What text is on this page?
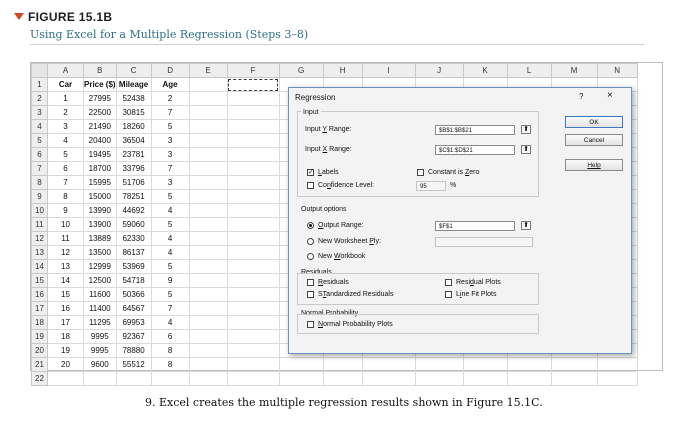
FIGURE 15.1B
Using Excel for a Multiple Regression (Steps 3–8)
	A	B	C	D	E	F	G	H	I	J	K	L	M	N
1	Car	Price ($)	Mileage	Age										
2	1	27995	52438	2										
3	2	22500	30815	7										
4	3	21490	18260	5										
5	4	20400	36504	3										
6	5	19495	23781	3										
7	6	18700	33796	7										
8	7	15995	51706	3										
9	8	15000	78251	5										
10	9	13990	44692	4										
11	10	13900	59060	5										
12	11	13889	62330	4										
13	12	13500	86137	4										
14	13	12999	53969	5										
15	14	12500	54718	9										
16	15	11600	50366	5										
17	16	11400	64567	7										
18	17	11295	69953	4										
19	18	9995	92367	6										
20	19	9995	78880	8										
21	20	9600	55512	8										
22														
Regression	? ×
Input
Input Y Range:	$B$1:$B$21	⬆
Input X Range:	$C$1:$D$21	⬆
✓ Labels	Constant is Zero
Confidence Level:	95	%
Output options
Output Range:	$F$1	⬆
New Worksheet Ply:
New Workbook
Residuals
Residuals
STandardized Residuals
Residual Plots
Line Fit Plots
Normal Probability
Normal Probability Plots
OK
Cancel
Help
9. Excel creates the multiple regression results shown in Figure 15.1C.
